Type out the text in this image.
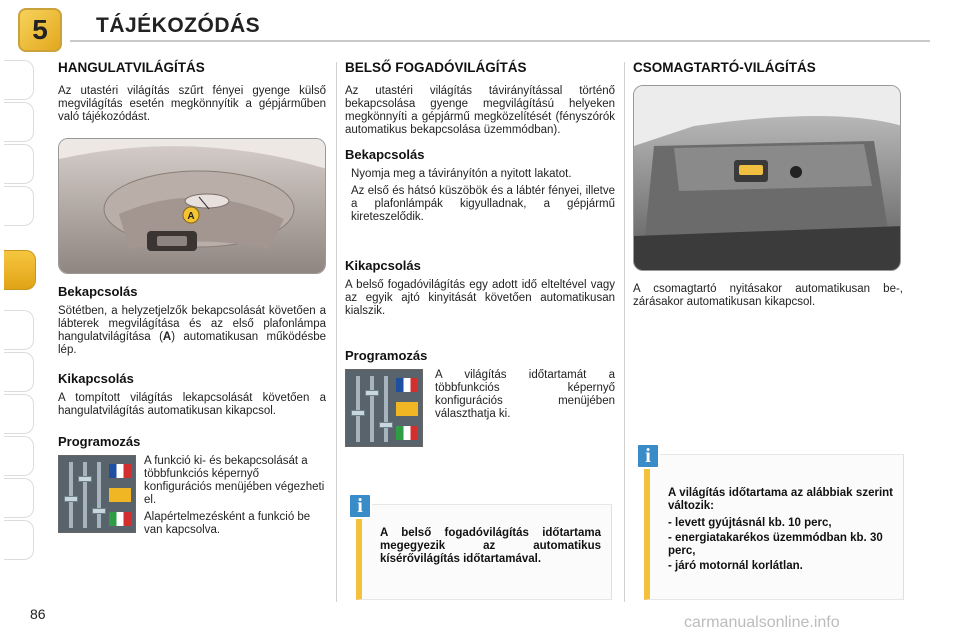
5 TÁJÉKOZÓDÁS
HANGULATVILÁGÍTÁS

Az utastéri világítás szűrt fényei gyenge külső megvilágítás esetén megkönnyítik a gépjárműben való tájékozódást.

A
Bekapcsolás

Sötétben, a helyzetjelzők bekapcsolását követően a lábterek megvilágítása és az első plafonlámpa hangulatvilágítása (A) automatikusan működésbe lép.

Kikapcsolás

A tompított világítás lekapcsolását követően a hangulatvilágítás automatikusan kikapcsol.

Programozás

A funkció ki- és bekapcsolását a többfunkciós képernyő konfigurációs menüjében végezheti el.

Alapértelmezésként a funkció be van kapcsolva.

BELSŐ FOGADÓVILÁGÍTÁS

Az utastéri világítás távirányítással történő bekapcsolása gyenge megvilágítású helyeken megkönnyíti a gépjármű megközelítését (fényszórók automatikus bekapcsolása üzemmódban).

Bekapcsolás

Nyomja meg a távirányítón a nyitott lakatot.

Az első és hátsó küszöbök és a lábtér fényei, illetve a plafonlámpák kigyulladnak, a gépjármű kireteszelődik.

Kikapcsolás

A belső fogadóvilágítás egy adott idő elteltével vagy az egyik ajtó kinyitását követően automatikusan kialszik.

Programozás

A világítás időtartamát a többfunkciós képernyő konfigurációs menüjében választhatja ki.

i

A belső fogadóvilágítás időtartama megegyezik az automatikus kísérővilágítás időtartamával.

CSOMAGTARTÓ-VILÁGÍTÁS

A csomagtartó nyitásakor automatikusan be-, zárásakor automatikusan kikapcsol.

i

A világítás időtartama az alábbiak szerint változik:

- levett gyújtásnál kb. 10 perc,
- energiatakarékos üzemmódban kb. 30 perc,
- járó motornál korlátlan.
86	carmanualsonline.info
